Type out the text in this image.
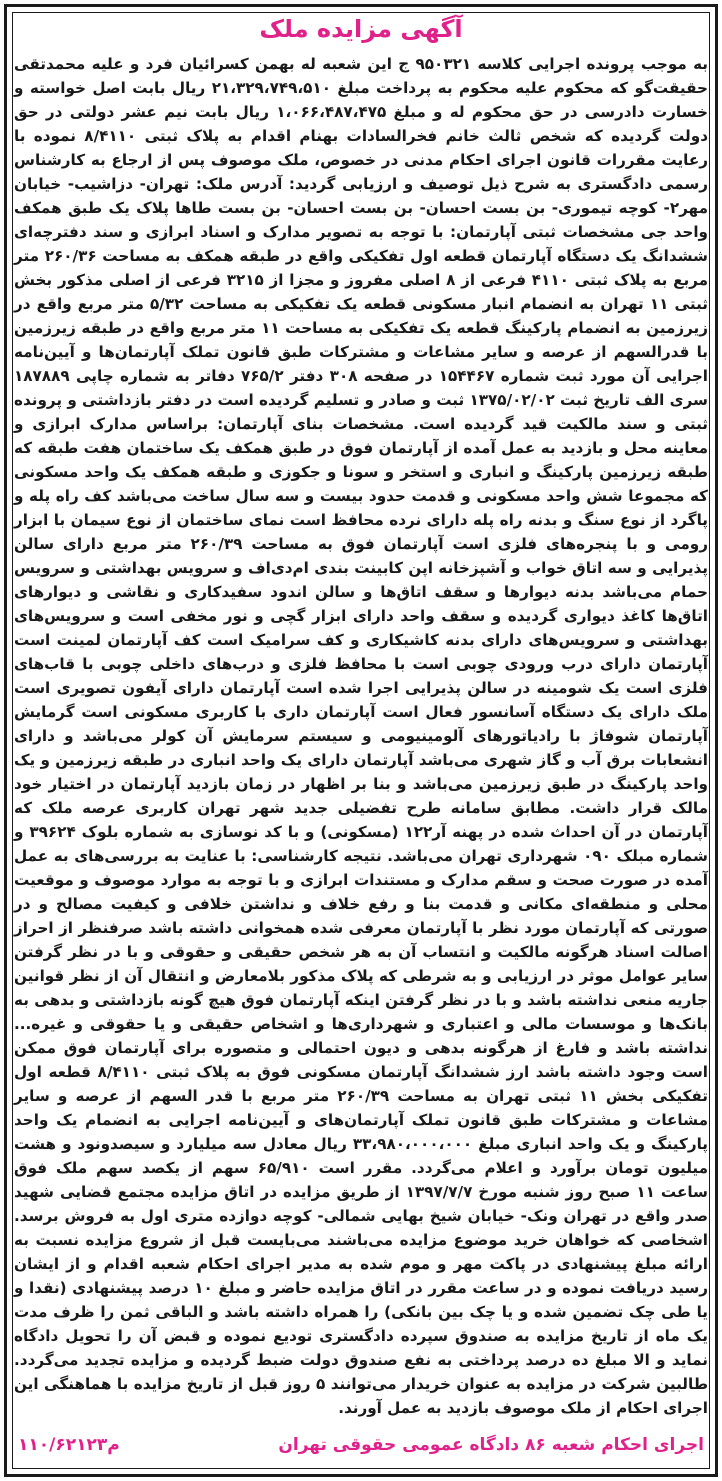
آگهی مزایده ملک
به موجب پرونده اجرایی کلاسه ۹۵۰۳۲۱ ج این شعبه له بهمن کسرائیان فرد و علیه محمدتقی حقیقت‌گو که محکوم علیه محکوم به پرداخت مبلغ ۲۱،۳۲۹،۷۴۹،۵۱۰ ریال بابت اصل خواسته و خسارت دادرسی در حق محکوم له و مبلغ ۱،۰۶۶،۴۸۷،۴۷۵ ریال بابت نیم عشر دولتی در حق دولت گردیده که شخص ثالث خانم فخرالسادات بهنام اقدام به پلاک ثبتی ۸/۴۱۱۰ نموده با رعایت مقررات قانون اجرای احکام مدنی در خصوص، ملک موصوف پس از ارجاع به کارشناس رسمی دادگستری به شرح ذیل توصیف و ارزیابی گردید: آدرس ملک: تهران- دزاشیب- خیابان مهر۲- کوچه تیموری- بن بست احسان- بن بست احسان- بن بست طاها پلاک یک طبق همکف واحد جی مشخصات ثبتی آپارتمان: با توجه به تصویر مدارک و اسناد ابرازی و سند دفترچه‌ای ششدانگ یک دستگاه آپارتمان قطعه اول تفکیکی واقع در طبقه همکف به مساحت ۲۶۰/۳۶ متر مربع به پلاک ثبتی ۴۱۱۰ فرعی از ۸ اصلی مفروز و مجزا از ۳۲۱۵ فرعی از اصلی مذکور بخش ثبتی ۱۱ تهران به انضمام انبار مسکونی قطعه یک تفکیکی به مساحت ۵/۳۲ متر مربع واقع در زیرزمین به انضمام پارکینگ قطعه یک تفکیکی به مساحت ۱۱ متر مربع واقع در طبقه زیرزمین با قدرالسهم از عرصه و سایر مشاعات و مشترکات طبق قانون تملک آپارتمان‌ها و آیین‌نامه اجرایی آن مورد ثبت شماره ۱۵۴۴۶۷ در صفحه ۳۰۸ دفتر ۷۶۵/۲ دفاتر به شماره چاپی ۱۸۷۸۸۹ سری الف تاریخ ثبت ۱۳۷۵/۰۲/۰۲ ثبت و صادر و تسلیم گردیده است در دفتر بازداشتی و پرونده ثبتی و سند مالکیت قید گردیده است. مشخصات بنای آپارتمان: براساس مدارک ابرازی و معاینه محل و بازدید به عمل آمده از آپارتمان فوق در طبق همکف یک ساختمان هفت طبقه که طبقه زیرزمین پارکینگ و انباری و استخر و سونا و جکوزی و طبقه همکف یک واحد مسکونی که مجموعا شش واحد مسکونی و قدمت حدود بیست و سه سال ساخت می‌باشد کف راه پله و پاگرد از نوع سنگ و بدنه راه پله دارای نرده محافظ است نمای ساختمان از نوع سیمان با ابزار رومی و با پنجره‌های فلزی است آپارتمان فوق به مساحت ۲۶۰/۳۹ متر مربع دارای سالن پذیرایی و سه اتاق خواب و آشپزخانه اپن کابینت بندی ام‌دی‌اف و سرویس بهداشتی و سرویس حمام می‌باشد بدنه دیوارها و سقف اتاق‌ها و سالن اندود سفیدکاری و نقاشی و دیوارهای اتاق‌ها کاغذ دیواری گردیده و سقف واحد دارای ابزار گچی و نور مخفی است و سرویس‌های بهداشتی و سرویس‌های دارای بدنه کاشیکاری و کف سرامیک است کف آپارتمان لمینت است آپارتمان دارای درب ورودی چوبی است با محافظ فلزی و درب‌های داخلی چوبی با قاب‌های فلزی است یک شومینه در سالن پذیرایی اجرا شده است آپارتمان دارای آیفون تصویری است ملک دارای یک دستگاه آسانسور فعال است آپارتمان داری با کاربری مسکونی است گرمایش آپارتمان شوفاژ با رادیاتورهای آلومینیومی و سیستم سرمایش آن کولر می‌باشد و دارای انشعابات برق آب و گاز شهری می‌باشد آپارتمان دارای یک واحد انباری در طبقه زیرزمین و یک واحد پارکینگ در طبق زیرزمین می‌باشد و بنا بر اظهار در زمان بازدید آپارتمان در اختیار خود مالک قرار داشت. مطابق سامانه طرح تفضیلی جدید شهر تهران کاربری عرصه ملک که آپارتمان در آن احداث شده در پهنه آر۱۲۲ (مسکونی) و با کد نوسازی به شماره بلوک ۳۹۶۲۴ و شماره مبلک ۰۹۰ شهرداری تهران می‌باشد. نتیجه کارشناسی: با عنایت به بررسی‌های به عمل آمده در صورت صحت و سقم مدارک و مستندات ابرازی و با توجه به موارد موصوف و موقعیت محلی و منطقه‌ای مکانی و قدمت بنا و رفع خلاف و نداشتن خلافی و کیفیت مصالح و در صورتی که آپارتمان مورد نظر با آپارتمان معرفی شده همخوانی داشته باشد صرفنظر از احراز اصالت اسناد هرگونه مالکیت و انتساب آن به هر شخص حقیقی و حقوقی و با در نظر گرفتن سایر عوامل موثر در ارزیابی و به شرطی که پلاک مذکور بلامعارض و انتقال آن از نظر قوانین جاریه منعی نداشته باشد و با در نظر گرفتن اینکه آپارتمان فوق هیچ گونه بازداشتی و بدهی به بانک‌ها و موسسات مالی و اعتباری و شهرداری‌ها و اشخاص حقیقی و یا حقوقی و غیره... نداشته باشد و فارغ از هرگونه بدهی و دیون احتمالی و متصوره برای آپارتمان فوق ممکن است وجود داشته باشد ارز ششدانگ آپارتمان مسکونی فوق به پلاک ثبتی ۸/۴۱۱۰ قطعه اول تفکیکی بخش ۱۱ ثبتی تهران به مساحت ۲۶۰/۳۹ متر مربع با قدر السهم از عرصه و سایر مشاعات و مشترکات طبق قانون تملک آپارتمان‌های و آیین‌نامه اجرایی به انضمام یک واحد پارکینگ و یک واحد انباری مبلغ ۳۳،۹۸۰،۰۰۰،۰۰۰ ریال معادل سه میلیارد و سیصدونود و هشت میلیون تومان برآورد و اعلام می‌گردد. مقرر است ۶۵/۹۱۰ سهم از یکصد سهم ملک فوق ساعت ۱۱ صبح روز شنبه مورخ ۱۳۹۷/۷/۷ از طریق مزایده در اتاق مزایده مجتمع قضایی شهید صدر واقع در تهران ونک- خیابان شیخ بهایی شمالی- کوچه دوازده متری اول به فروش برسد. اشخاصی که خواهان خرید موضوع مزایده می‌باشند می‌بایست قبل از شروع مزایده نسبت به ارائه مبلغ پیشنهادی در پاکت مهر و موم شده به مدیر اجرای احکام شعبه اقدام و از ایشان رسید دریافت نموده و در ساعت مقرر در اتاق مزایده حاضر و مبلغ ۱۰ درصد پیشنهادی (نقدا و یا طی چک تضمین شده و یا چک بین بانکی) را همراه داشته باشد و الباقی ثمن را ظرف مدت یک ماه از تاریخ مزایده به صندوق سپرده دادگستری تودیع نموده و قبض آن را تحویل دادگاه نماید و الا مبلغ ده درصد پرداختی به نفع صندوق دولت ضبط گردیده و مزایده تجدید می‌گردد. طالبین شرکت در مزایده به عنوان خریدار می‌توانند ۵ روز قبل از تاریخ مزایده با هماهنگی این اجرای احکام از ملک موصوف بازدید به عمل آورند.
اجرای احکام شعبه ۸۶ دادگاه عمومی حقوقی تهران
۱۱۰/۶۲۱۲۳م
